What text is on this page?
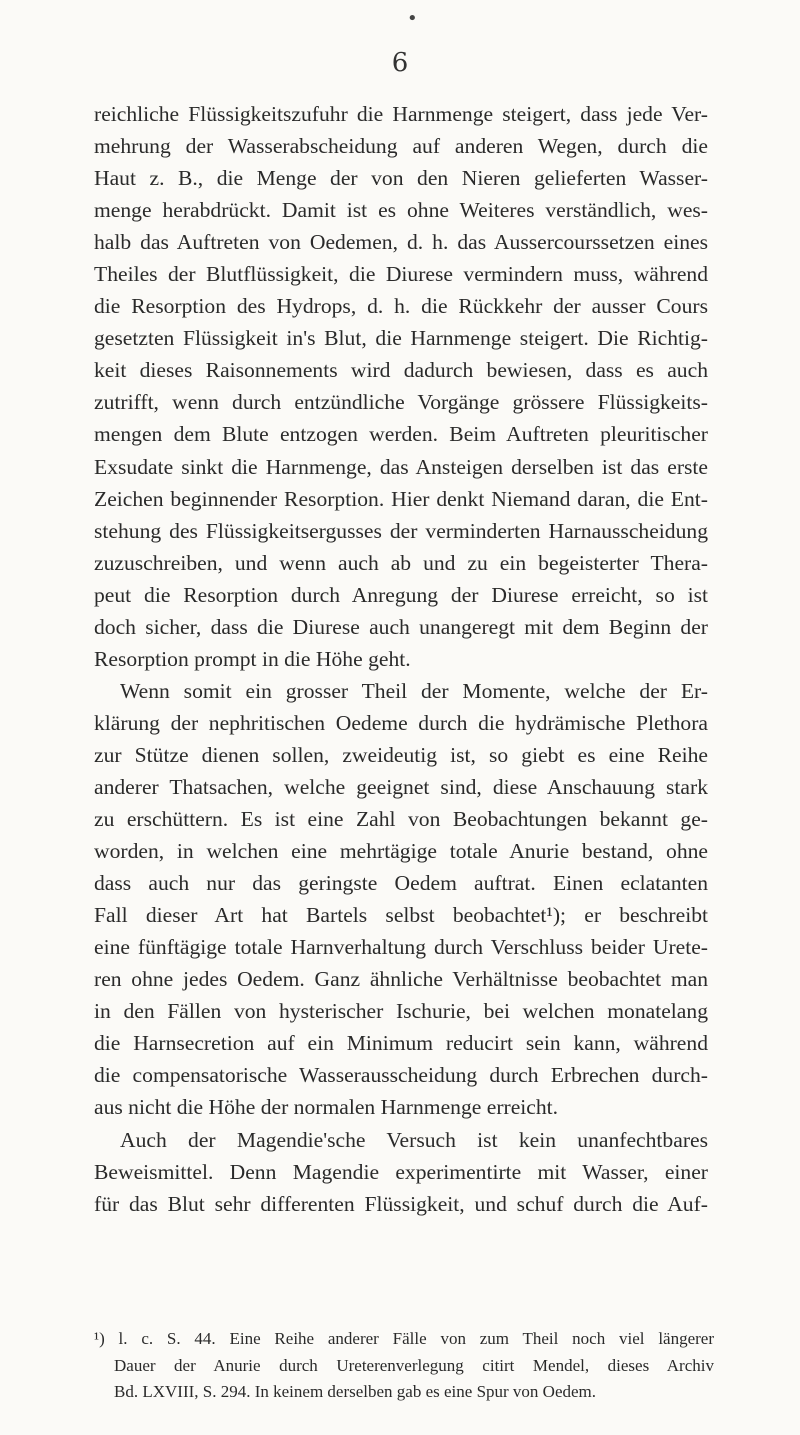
•
6
reichliche Flüssigkeitszufuhr die Harnmenge steigert, dass jede Ver-
mehrung der Wasserabscheidung auf anderen Wegen, durch die
Haut z. B., die Menge der von den Nieren gelieferten Wasser-
menge herabdrückt. Damit ist es ohne Weiteres verständlich, wes-
halb das Auftreten von Oedemen, d. h. das Aussercourssetzen eines
Theiles der Blutflüssigkeit, die Diurese vermindern muss, während
die Resorption des Hydrops, d. h. die Rückkehr der ausser Cours
gesetzten Flüssigkeit in's Blut, die Harnmenge steigert. Die Richtig-
keit dieses Raisonnements wird dadurch bewiesen, dass es auch
zutrifft, wenn durch entzündliche Vorgänge grössere Flüssigkeits-
mengen dem Blute entzogen werden. Beim Auftreten pleuritischer
Exsudate sinkt die Harnmenge, das Ansteigen derselben ist das erste
Zeichen beginnender Resorption. Hier denkt Niemand daran, die Ent-
stehung des Flüssigkeitsergusses der verminderten Harnausscheidung
zuzuschreiben, und wenn auch ab und zu ein begeisterter Thera-
peut die Resorption durch Anregung der Diurese erreicht, so ist
doch sicher, dass die Diurese auch unangeregt mit dem Beginn der
Resorption prompt in die Höhe geht.
Wenn somit ein grosser Theil der Momente, welche der Er-
klärung der nephritischen Oedeme durch die hydrämische Plethora
zur Stütze dienen sollen, zweideutig ist, so giebt es eine Reihe
anderer Thatsachen, welche geeignet sind, diese Anschauung stark
zu erschüttern. Es ist eine Zahl von Beobachtungen bekannt ge-
worden, in welchen eine mehrtägige totale Anurie bestand, ohne
dass auch nur das geringste Oedem auftrat. Einen eclatanten
Fall dieser Art hat Bartels selbst beobachtet¹); er beschreibt
eine fünftägige totale Harnverhaltung durch Verschluss beider Urete-
ren ohne jedes Oedem. Ganz ähnliche Verhältnisse beobachtet man
in den Fällen von hysterischer Ischurie, bei welchen monatelang
die Harnsecretion auf ein Minimum reducirt sein kann, während
die compensatorische Wasserausscheidung durch Erbrechen durch-
aus nicht die Höhe der normalen Harnmenge erreicht.
Auch der Magendie'sche Versuch ist kein unanfechtbares
Beweismittel. Denn Magendie experimentirte mit Wasser, einer
für das Blut sehr differenten Flüssigkeit, und schuf durch die Auf-
¹) l. c. S. 44. Eine Reihe anderer Fälle von zum Theil noch viel längerer
Dauer der Anurie durch Ureterenverlegung citirt Mendel, dieses Archiv
Bd. LXVIII, S. 294. In keinem derselben gab es eine Spur von Oedem.
